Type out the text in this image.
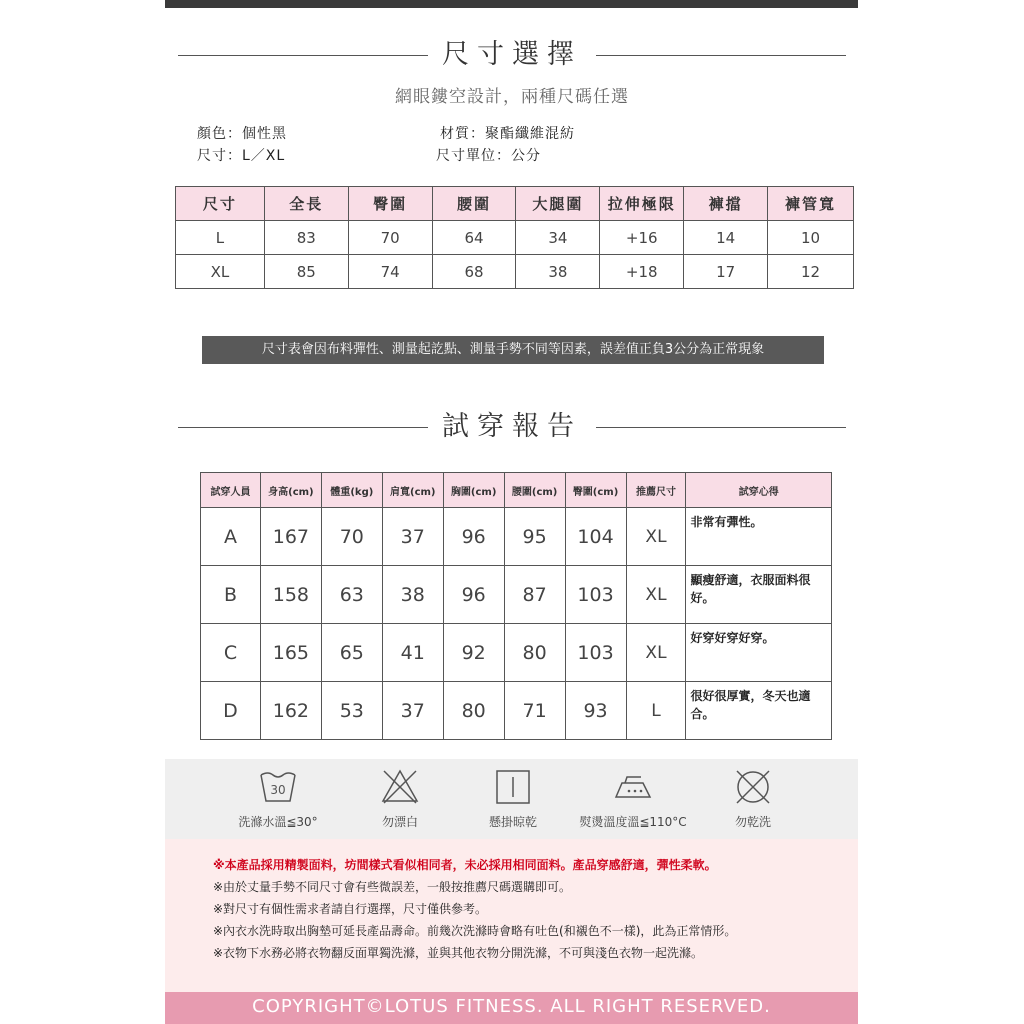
尺寸選擇
網眼鏤空設計，兩種尺碼任選
顏色：個性黑
尺寸：L／XL
材質：聚酯纖維混紡
尺寸單位：公分
尺寸	全長	臀圍	腰圍	大腿圍	拉伸極限	褲擋	褲管寬
L	83	70	64	34	+16	14	10
XL	85	74	68	38	+18	17	12
尺寸表會因布料彈性、測量起訖點、測量手勢不同等因素，誤差值正負3公分為正常現象
試穿報告
試穿人員	身高(cm)	體重(kg)	肩寬(cm)	胸圍(cm)	腰圍(cm)	臀圍(cm)	推薦尺寸	試穿心得
A	167	70	37	96	95	104	XL	非常有彈性。
B	158	63	38	96	87	103	XL	顯瘦舒適，衣服面料很好。
C	165	65	41	92	80	103	XL	好穿好穿好穿。
D	162	53	37	80	71	93	L	很好很厚實，冬天也適合。
30
洗滌水溫≦30°	勿漂白	懸掛晾乾	熨燙溫度溫≦110°C	勿乾洗
※本產品採用精製面料，坊間樣式看似相同者，未必採用相同面料。產品穿感舒適，彈性柔軟。
※由於丈量手勢不同尺寸會有些微誤差，一般按推薦尺碼選購即可。
※對尺寸有個性需求者請自行選擇，尺寸僅供參考。
※內衣水洗時取出胸墊可延長產品壽命。前幾次洗滌時會略有吐色(和襯色不一樣)，此為正常情形。
※衣物下水務必將衣物翻反面單獨洗滌，並與其他衣物分開洗滌，不可與淺色衣物一起洗滌。
COPYRIGHT©LOTUS FITNESS. ALL RIGHT RESERVED.
